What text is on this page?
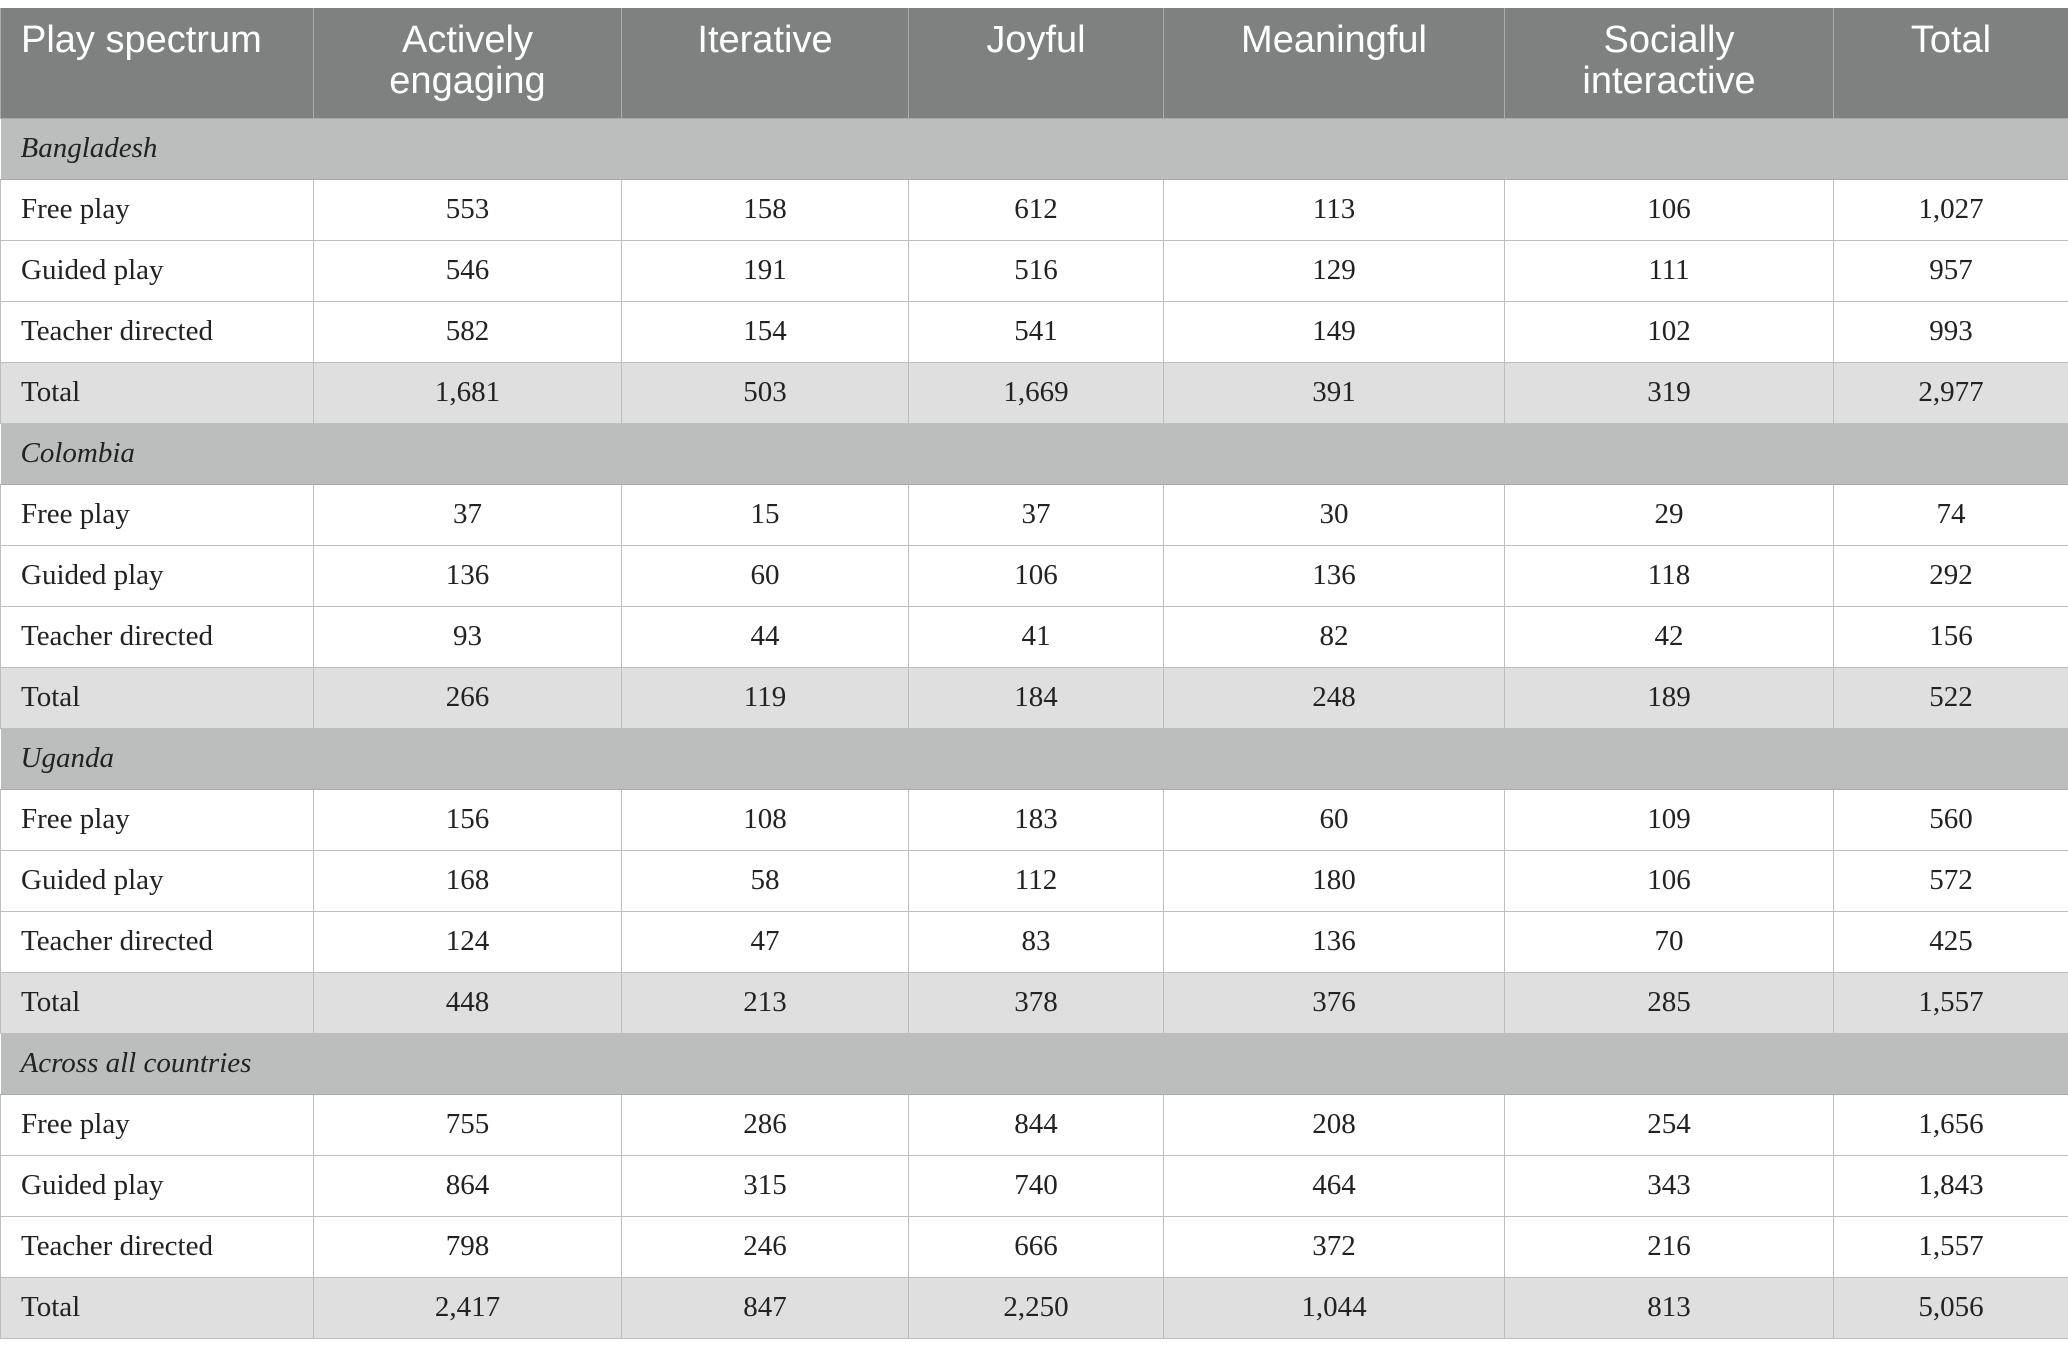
Play spectrum	Actively engaging	Iterative	Joyful	Meaningful	Socially interactive	Total
Bangladesh						
Free play	553	158	612	113	106	1,027
Guided play	546	191	516	129	111	957
Teacher directed	582	154	541	149	102	993
Total	1,681	503	1,669	391	319	2,977
Colombia						
Free play	37	15	37	30	29	74
Guided play	136	60	106	136	118	292
Teacher directed	93	44	41	82	42	156
Total	266	119	184	248	189	522
Uganda						
Free play	156	108	183	60	109	560
Guided play	168	58	112	180	106	572
Teacher directed	124	47	83	136	70	425
Total	448	213	378	376	285	1,557
Across all countries						
Free play	755	286	844	208	254	1,656
Guided play	864	315	740	464	343	1,843
Teacher directed	798	246	666	372	216	1,557
Total	2,417	847	2,250	1,044	813	5,056
